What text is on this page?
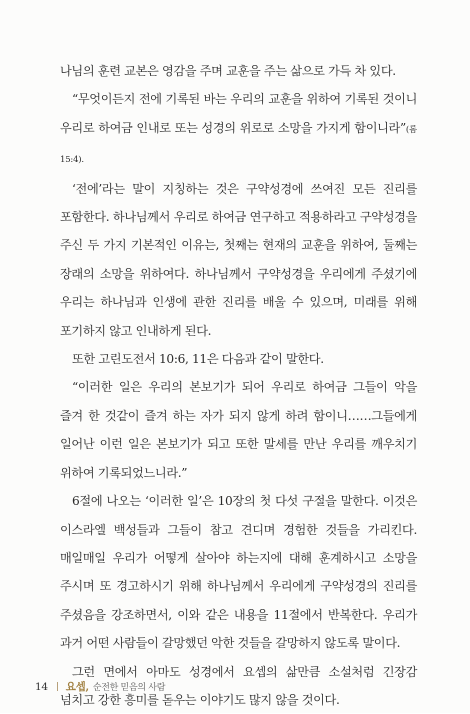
나님의 훈련 교본은 영감을 주며 교훈을 주는 삶으로 가득 차 있다.

“무엇이든지 전에 기록된 바는 우리의 교훈을 위하여 기록된 것이니 우리로 하여금 인내로 또는 성경의 위로로 소망을 가지게 함이니라”(롬 15:4).

‘전에’라는 말이 지칭하는 것은 구약성경에 쓰여진 모든 진리를 포함한다. 하나님께서 우리로 하여금 연구하고 적용하라고 구약성경을 주신 두 가지 기본적인 이유는, 첫째는 현재의 교훈을 위하여, 둘째는 장래의 소망을 위하여다. 하나님께서 구약성경을 우리에게 주셨기에 우리는 하나님과 인생에 관한 진리를 배울 수 있으며, 미래를 위해 포기하지 않고 인내하게 된다.

또한 고린도전서 10:6, 11은 다음과 같이 말한다.

“이러한 일은 우리의 본보기가 되어 우리로 하여금 그들이 악을 즐겨 한 것같이 즐겨 하는 자가 되지 않게 하려 함이니……그들에게 일어난 이런 일은 본보기가 되고 또한 말세를 만난 우리를 깨우치기 위하여 기록되었느니라.”

6절에 나오는 ‘이러한 일’은 10장의 첫 다섯 구절을 말한다. 이것은 이스라엘 백성들과 그들이 참고 견디며 경험한 것들을 가리킨다. 매일매일 우리가 어떻게 살아야 하는지에 대해 훈계하시고 소망을 주시며 또 경고하시기 위해 하나님께서 우리에게 구약성경의 진리를 주셨음을 강조하면서, 이와 같은 내용을 11절에서 반복한다. 우리가 과거 어떤 사람들이 갈망했던 악한 것들을 갈망하지 않도록 말이다.

그런 면에서 아마도 성경에서 요셉의 삶만큼 소설처럼 긴장감 넘치고 강한 흥미를 돋우는 이야기도 많지 않을 것이다.

14 요셉, 순전한 믿음의 사람
